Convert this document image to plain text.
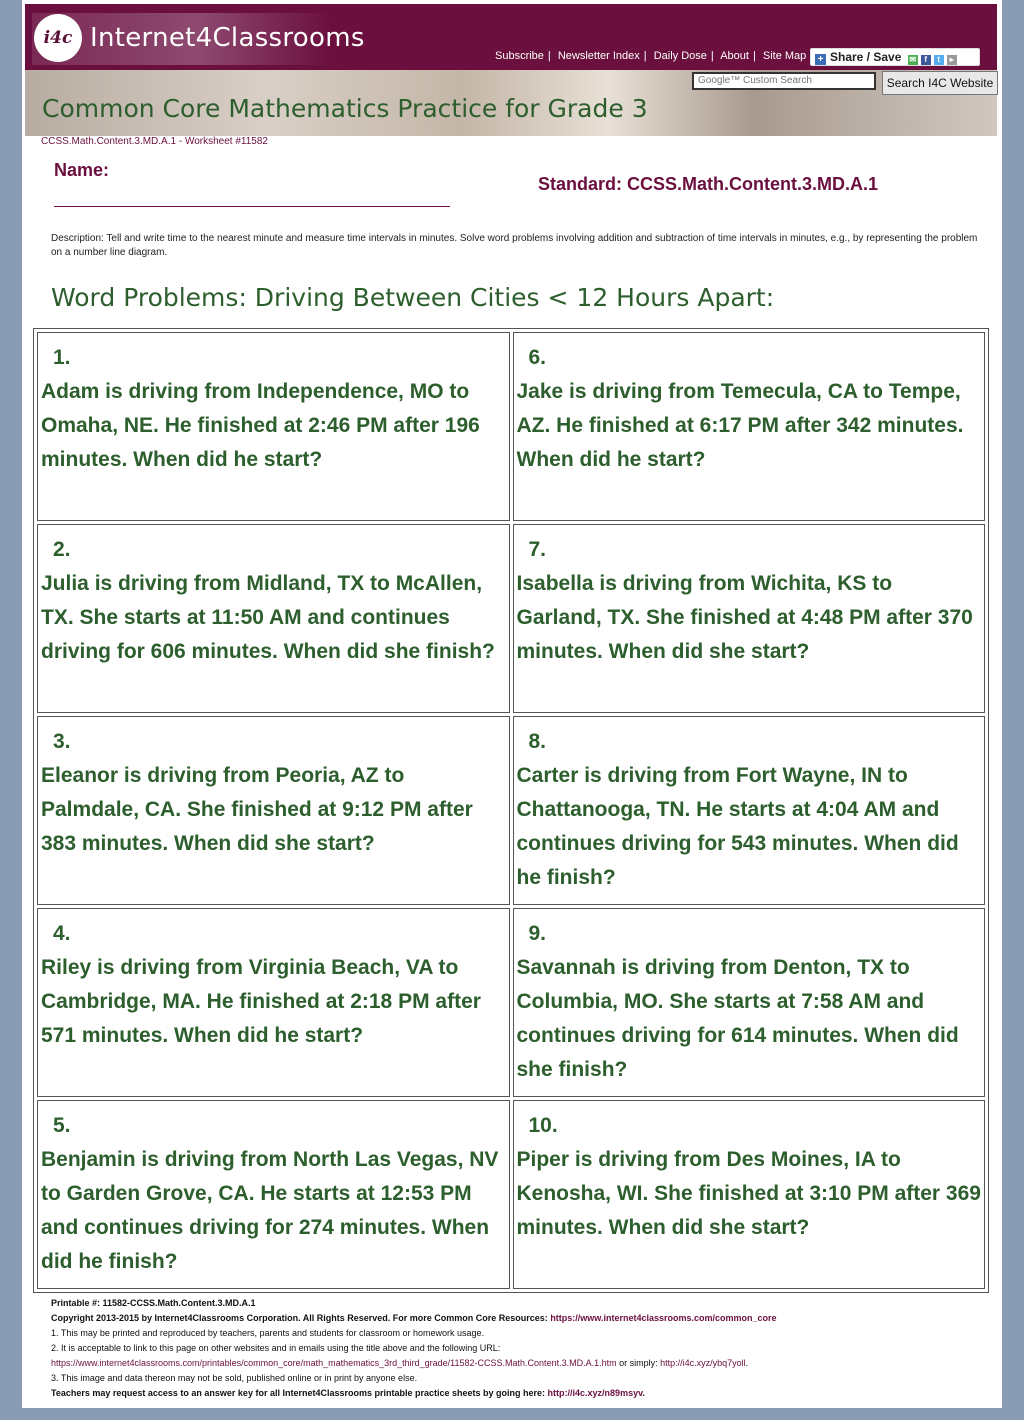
i4c Internet4Classrooms
Subscribe | Newsletter Index | Daily Dose | About | Site Map	+ Share / Save ✉ f t ▸
Google™ Custom Search
Search I4C Website
Common Core Mathematics Practice for Grade 3
CCSS.Math.Content.3.MD.A.1 - Worksheet #11582
Name:
Standard: CCSS.Math.Content.3.MD.A.1
Description: Tell and write time to the nearest minute and measure time intervals in minutes. Solve word problems involving addition and subtraction of time intervals in minutes, e.g., by representing the problem on a number line diagram.
Word Problems: Driving Between Cities < 12 Hours Apart:
1.
Adam is driving from Independence, MO to Omaha, NE. He finished at 2:46 PM after 196 minutes. When did he start?
6.
Jake is driving from Temecula, CA to Tempe, AZ. He finished at 6:17 PM after 342 minutes. When did he start?
2.
Julia is driving from Midland, TX to McAllen, TX. She starts at 11:50 AM and continues driving for 606 minutes. When did she finish?
7.
Isabella is driving from Wichita, KS to Garland, TX. She finished at 4:48 PM after 370 minutes. When did she start?
3.
Eleanor is driving from Peoria, AZ to Palmdale, CA. She finished at 9:12 PM after 383 minutes. When did she start?
8.
Carter is driving from Fort Wayne, IN to Chattanooga, TN. He starts at 4:04 AM and continues driving for 543 minutes. When did he finish?
4.
Riley is driving from Virginia Beach, VA to Cambridge, MA. He finished at 2:18 PM after 571 minutes. When did he start?
9.
Savannah is driving from Denton, TX to Columbia, MO. She starts at 7:58 AM and continues driving for 614 minutes. When did she finish?
5.
Benjamin is driving from North Las Vegas, NV to Garden Grove, CA. He starts at 12:53 PM and continues driving for 274 minutes. When did he finish?
10.
Piper is driving from Des Moines, IA to Kenosha, WI. She finished at 3:10 PM after 369 minutes. When did she start?
Printable #: 11582-CCSS.Math.Content.3.MD.A.1
Copyright 2013-2015 by Internet4Classrooms Corporation. All Rights Reserved. For more Common Core Resources: https://www.internet4classrooms.com/common_core
1. This may be printed and reproduced by teachers, parents and students for classroom or homework usage.
2. It is acceptable to link to this page on other websites and in emails using the title above and the following URL:
https://www.internet4classrooms.com/printables/common_core/math_mathematics_3rd_third_grade/11582-CCSS.Math.Content.3.MD.A.1.htm or simply: http://i4c.xyz/ybq7yoll.
3. This image and data thereon may not be sold, published online or in print by anyone else.
Teachers may request access to an answer key for all Internet4Classrooms printable practice sheets by going here: http://i4c.xyz/n89msyv.
